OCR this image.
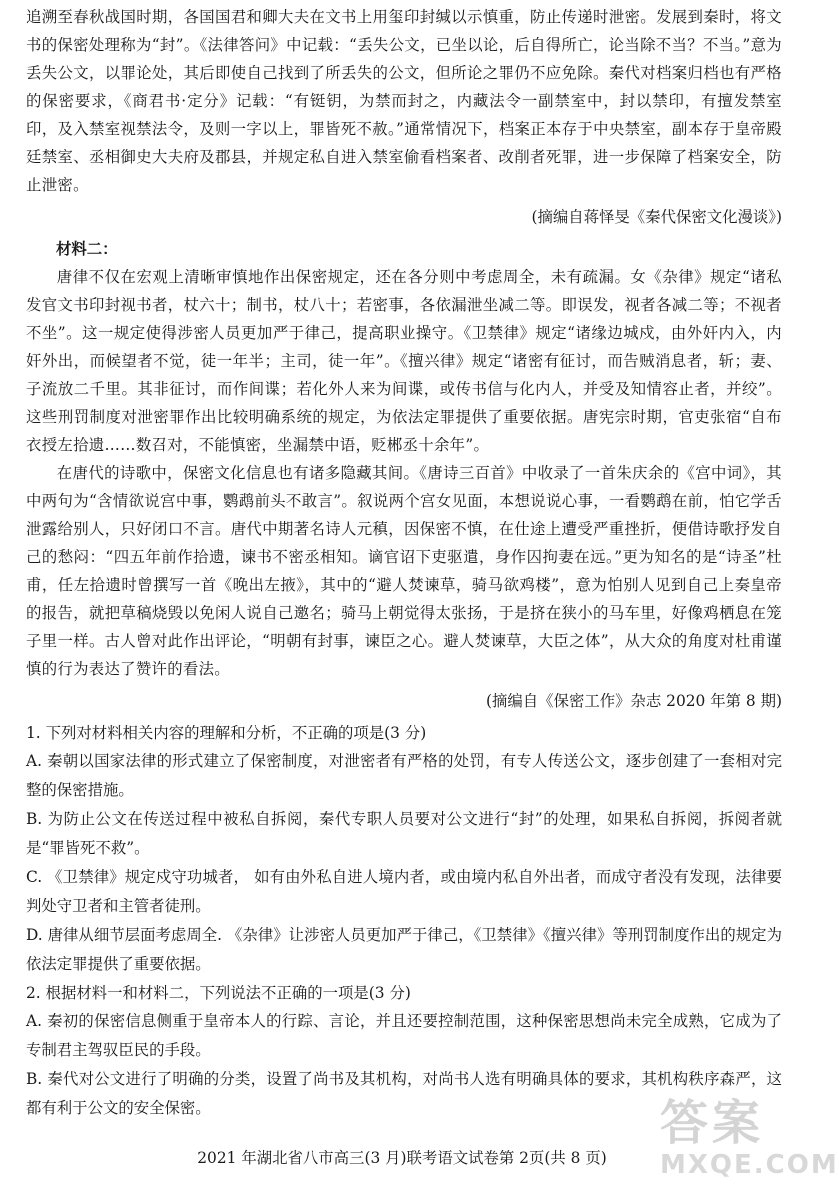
追溯至春秋战国时期，各国国君和卿大夫在文书上用玺印封缄以示慎重，防止传递时泄密。发展到秦时，将文书的保密处理称为“封”。《法律答问》中记载：“丢失公文，已坐以论，后自得所亡，论当除不当？不当。”意为丢失公文，以罪论处，其后即使自己找到了所丢失的公文，但所论之罪仍不应免除。秦代对档案归档也有严格的保密要求，《商君书·定分》记载：“有铤钥，为禁而封之，内藏法令一副禁室中，封以禁印，有擅发禁室印，及入禁室视禁法令，及则一字以上，罪皆死不赦。”通常情况下，档案正本存于中央禁室，副本存于皇帝殿廷禁室、丞相御史大夫府及郡县，并规定私自进入禁室偷看档案者、改削者死罪，进一步保障了档案安全，防止泄密。

(摘编自蒋怿旻《秦代保密文化漫谈》)

材料二：

唐律不仅在宏观上清晰审慎地作出保密规定，还在各分则中考虑周全，未有疏漏。女《杂律》规定“诸私发官文书印封视书者，杖六十；制书，杖八十；若密事，各依漏泄坐减二等。即误发，视者各减二等；不视者不坐”。这一规定使得涉密人员更加严于律己，提高职业操守。《卫禁律》规定“诸缘边城戍，由外奸内入，内奸外出，而候望者不觉，徒一年半；主司，徒一年”。《擅兴律》规定“诸密有征讨，而告贼消息者，斩；妻、子流放二千里。其非征讨，而作间谍；若化外人来为间谍，或传书信与化内人，并受及知情容止者，并绞”。这些刑罚制度对泄密罪作出比较明确系统的规定，为依法定罪提供了重要依据。唐宪宗时期，官吏张宿“自布衣授左拾遗……数召对，不能慎密，坐漏禁中语，贬郴丞十余年”。

在唐代的诗歌中，保密文化信息也有诸多隐藏其间。《唐诗三百首》中收录了一首朱庆余的《宫中词》，其中两句为“含情欲说宫中事，鹦鹉前头不敢言”。叙说两个宫女见面，本想说说心事，一看鹦鹉在前，怕它学舌泄露给别人，只好闭口不言。唐代中期著名诗人元稹，因保密不慎，在仕途上遭受严重挫折，便借诗歌抒发自己的愁闷：“四五年前作拾遗，谏书不密丞相知。谪官诏下吏驱遣，身作囚拘妻在远。”更为知名的是“诗圣”杜甫，任左拾遗时曾撰写一首《晚出左掖》，其中的“避人焚谏草，骑马欲鸡楼”，意为怕别人见到自己上奏皇帝的报告，就把草稿烧毁以免闲人说自己邀名；骑马上朝觉得太张扬，于是挤在狭小的马车里，好像鸡栖息在笼子里一样。古人曾对此作出评论，“明朝有封事，谏臣之心。避人焚谏草，大臣之体”，从大众的角度对杜甫谨慎的行为表达了赞许的看法。

(摘编自《保密工作》杂志 2020 年第 8 期)

1. 下列对材料相关内容的理解和分析，不正确的项是(3 分)

A. 秦朝以国家法律的形式建立了保密制度，对泄密者有严格的处罚，有专人传送公文，逐步创建了一套相对完整的保密措施。

B. 为防止公文在传送过程中被私自拆阅，秦代专职人员要对公文进行“封”的处理，如果私自拆阅，拆阅者就是“罪皆死不救”。

C. 《卫禁律》规定戍守功城者， 如有由外私自进人境内者，或由境内私自外出者，而成守者没有发现，法律要判处守卫者和主管者徒刑。

D. 唐律从细节层面考虑周全. 《杂律》让涉密人员更加严于律己，《卫禁律》《擅兴律》等刑罚制度作出的规定为依法定罪提供了重要依据。

2. 根据材料一和材料二，下列说法不正确的一项是(3 分)

A. 秦初的保密信息侧重于皇帝本人的行踪、言论，并且还要控制范围，这种保密思想尚未完全成熟，它成为了专制君主驾驭臣民的手段。

B. 秦代对公文进行了明确的分类，设置了尚书及其机构，对尚书人选有明确具体的要求，其机构秩序森严，这都有利于公文的安全保密。

2021 年湖北省八市高三(3 月)联考语文试卷第 2页(共 8 页)
答案
MXQE.COM
